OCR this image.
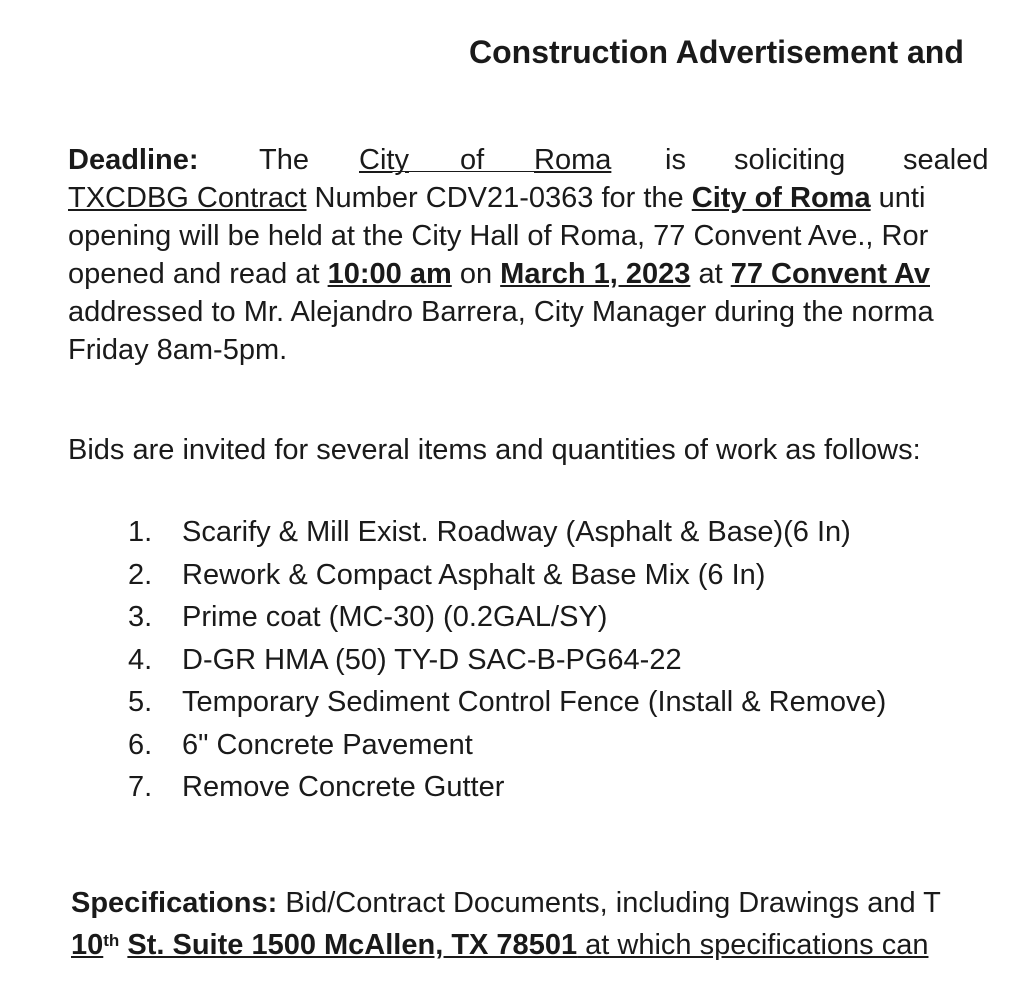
Construction Advertisement and
Deadline: The City of Roma is soliciting sealed
TXCDBG Contract Number CDV21-0363 for the City of Roma unti
opening will be held at the City Hall of Roma, 77 Convent Ave., Ror
opened and read at 10:00 am on March 1, 2023 at 77 Convent Av
addressed to Mr. Alejandro Barrera, City Manager during the norma
Friday 8am-5pm.
Bids are invited for several items and quantities of work as follows:
1. Scarify & Mill Exist. Roadway (Asphalt & Base)(6 In)
2. Rework & Compact Asphalt & Base Mix (6 In)
3. Prime coat (MC-30) (0.2GAL/SY)
4. D-GR HMA (50) TY-D SAC-B-PG64-22
5. Temporary Sediment Control Fence (Install & Remove)
6. 6" Concrete Pavement
7. Remove Concrete Gutter
Specifications: Bid/Contract Documents, including Drawings and T
10th St. Suite 1500 McAllen, TX 78501 at which specifications can
